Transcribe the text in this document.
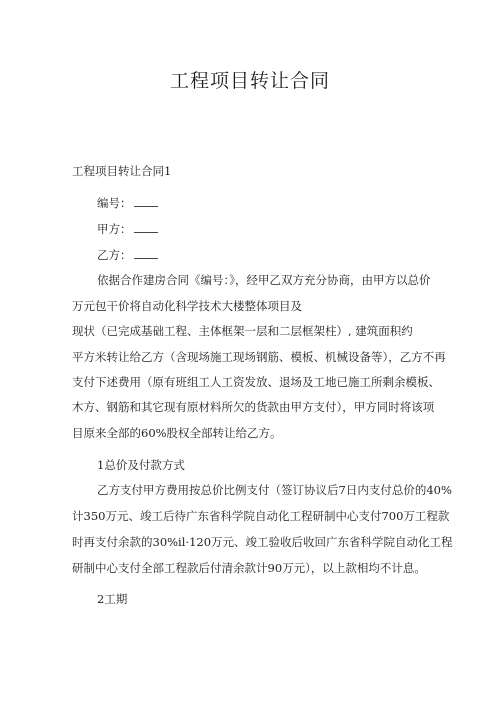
工程项目转让合同
工程项目转让合同1
编号：
甲方：
乙方：
依据合作建房合同《编号：》，经甲乙双方充分协商，由甲方以总价
万元包干价将自动化科学技术大楼整体项目及
现状（已完成基础工程、主体框架一层和二层框架柱）, 建筑面积约
平方米转让给乙方（含现场施工现场钢筋、模板、机械设备等），乙方不再
支付下述费用（原有班组工人工资发放、退场及工地已施工所剩余模板、
木方、钢筋和其它现有原材料所欠的货款由甲方支付），甲方同时将该项
目原来全部的60%股权全部转让给乙方。
1总价及付款方式
乙方支付甲方费用按总价比例支付（签订协议后7日内支付总价的40%
计350万元、竣工后待广东省科学院自动化工程研制中心支付700万工程款
时再支付余款的30%il·120万元、竣工验收后收回广东省科学院自动化工程
研制中心支付全部工程款后付清余款计90万元），以上款相均不计息。
2工期
